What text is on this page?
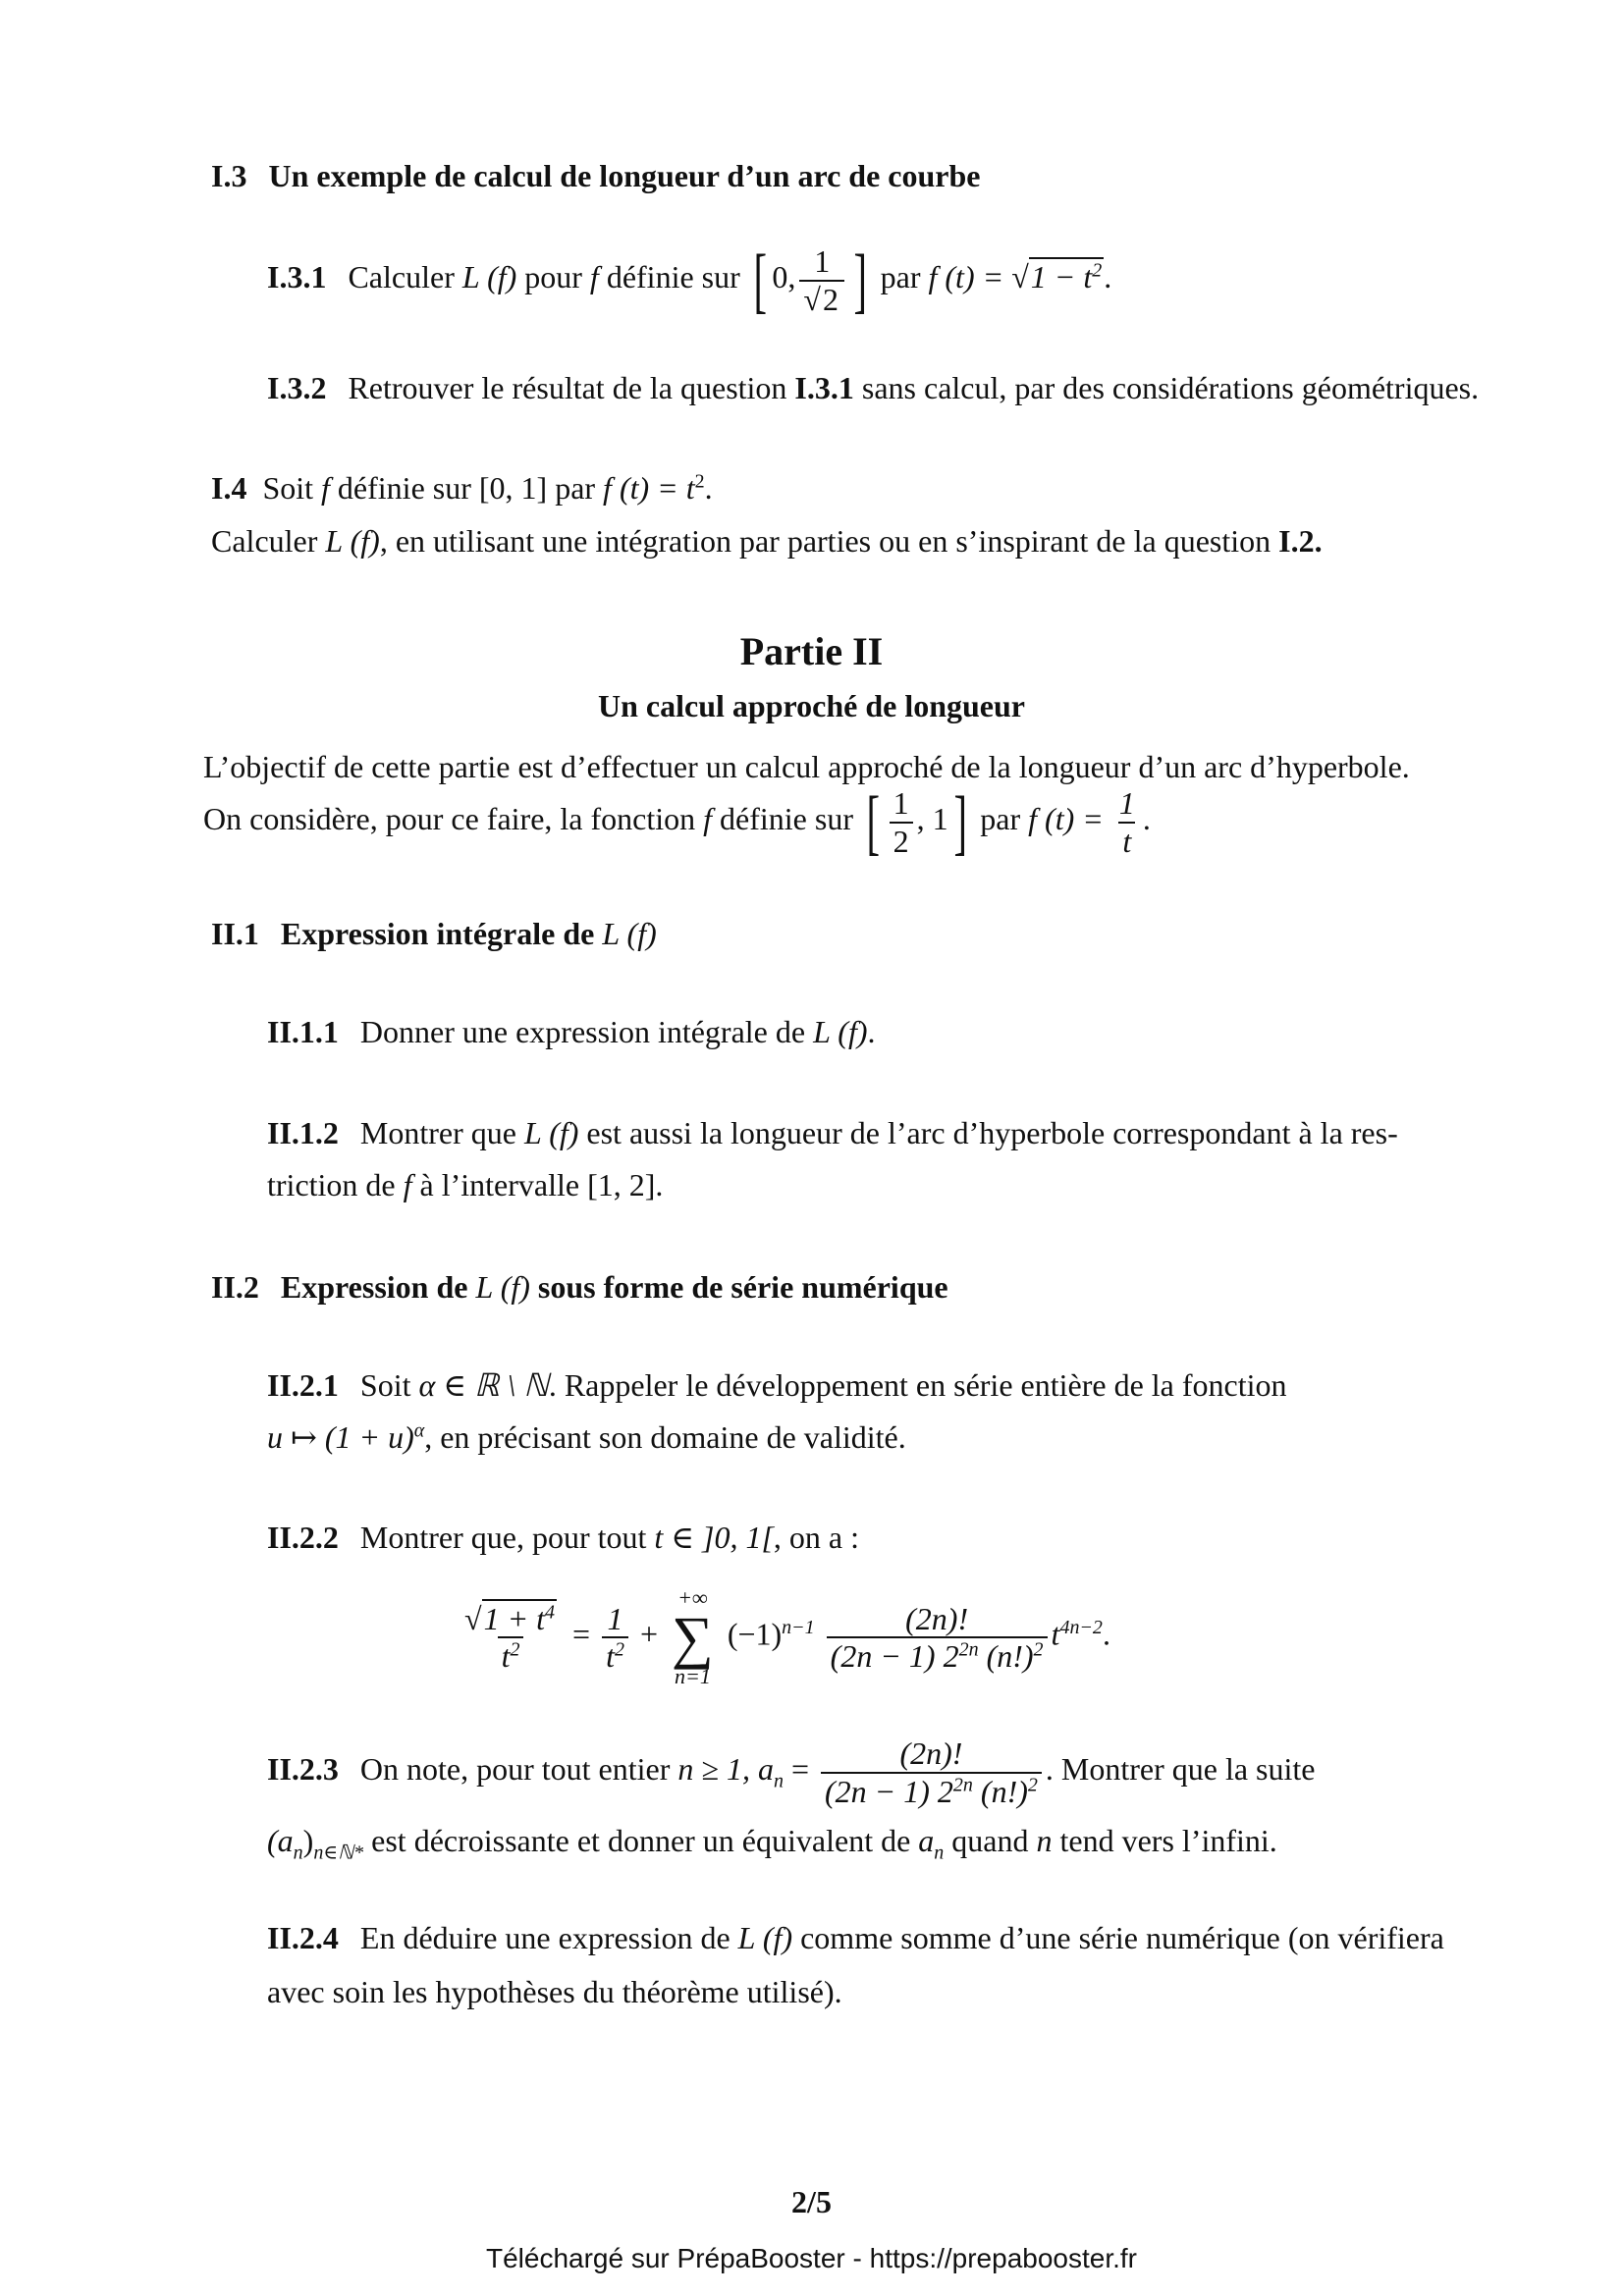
I.3 Un exemple de calcul de longueur d’un arc de courbe
I.3.1 Calculer L (f) pour f définie sur [ 0, $\frac{1}{√2}$ ] par f $(t) = √1 - t^2$.
I.3.2 Retrouver le résultat de la question I.3.1 sans calcul, par des considérations géométriques.
I.4 Soit f définie sur [0, 1] par f $(t) = t^2$.
Calculer L (f), en utilisant une intégration par parties ou en s’inspirant de la question I.2.
Partie II
Un calcul approché de longueur
L’objectif de cette partie est d’effectuer un calcul approché de la longueur d’un arc d’hyperbole.
On considère, pour ce faire, la fonction f définie sur [ $\frac{1}{2}$ , 1] par f $(t) = \frac{1}{t}$ .
II.1 Expression intégrale de L (f)
II.1.1 Donner une expression intégrale de L (f).
II.1.2 Montrer que L (f) est aussi la longueur de l’arc d’hyperbole correspondant à la res-
triction de f à l’intervalle [1, 2].
II.2 Expression de L (f) sous forme de série numérique
II.2.1 Soit α ∈ ℝ \ ℕ. Rappeler le développement en série entière de la fonction
u ↦ $(1 + u)^\alpha$, en précisant son domaine de validité.
II.2.2 Montrer que, pour tout t ∈ ]0, 1[, on a :
$\frac{√1 + t^4}{t^2} = \frac{1}{t^2}$ +
+∞
∑
n=1
$(-1)^{n-1} \frac{(2n)!}{(2n - 1) 2^{2n} (n!)^2} t^{4n-2}$.
II.2.3 On note, pour tout entier n ≥ 1, $a_n = \frac{(2n)!}{(2n - 1) 2^{2n} (n!)^2}$ . Montrer que la suite
$(a_n)_{n\in ℕ*}$ est décroissante et donner un équivalent de $a_n$ quand n tend vers l’infini.
II.2.4 En déduire une expression de L (f) comme somme d’une série numérique (on vérifiera
avec soin les hypothèses du théorème utilisé).
2/5
Téléchargé sur PrépaBooster - https://prepabooster.fr
